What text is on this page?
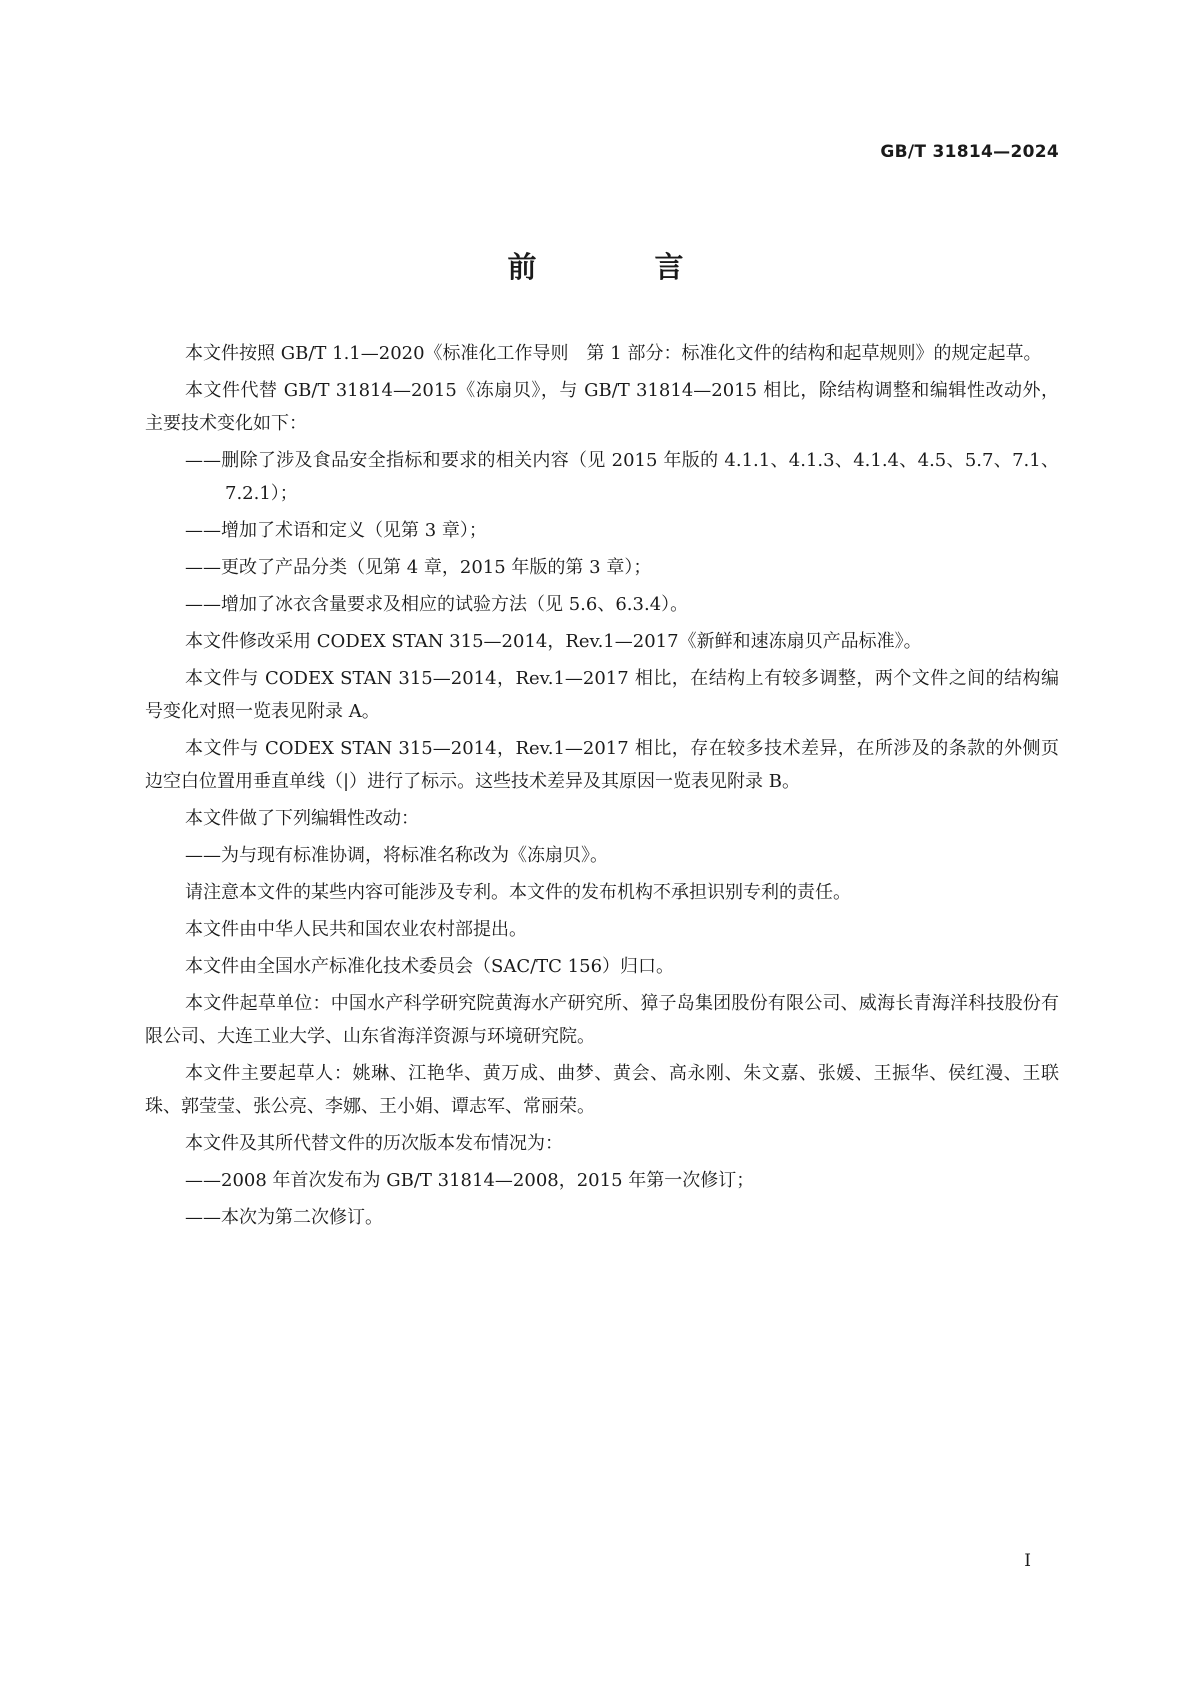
GB/T 31814—2024
前 言

本文件按照 GB/T 1.1—2020《标准化工作导则　第 1 部分：标准化文件的结构和起草规则》的规定起草。

本文件代替 GB/T 31814—2015《冻扇贝》，与 GB/T 31814—2015 相比，除结构调整和编辑性改动外，主要技术变化如下：

——删除了涉及食品安全指标和要求的相关内容（见 2015 年版的 4.1.1、4.1.3、4.1.4、4.5、5.7、7.1、7.2.1）；

——增加了术语和定义（见第 3 章）；

——更改了产品分类（见第 4 章，2015 年版的第 3 章）；

——增加了冰衣含量要求及相应的试验方法（见 5.6、6.3.4）。

本文件修改采用 CODEX STAN 315—2014，Rev.1—2017《新鲜和速冻扇贝产品标准》。

本文件与 CODEX STAN 315—2014，Rev.1—2017 相比，在结构上有较多调整，两个文件之间的结构编号变化对照一览表见附录 A。

本文件与 CODEX STAN 315—2014，Rev.1—2017 相比，存在较多技术差异，在所涉及的条款的外侧页边空白位置用垂直单线（|）进行了标示。这些技术差异及其原因一览表见附录 B。

本文件做了下列编辑性改动：

——为与现有标准协调，将标准名称改为《冻扇贝》。

请注意本文件的某些内容可能涉及专利。本文件的发布机构不承担识别专利的责任。

本文件由中华人民共和国农业农村部提出。

本文件由全国水产标准化技术委员会（SAC/TC 156）归口。

本文件起草单位：中国水产科学研究院黄海水产研究所、獐子岛集团股份有限公司、威海长青海洋科技股份有限公司、大连工业大学、山东省海洋资源与环境研究院。

本文件主要起草人：姚琳、江艳华、黄万成、曲梦、黄会、高永刚、朱文嘉、张媛、王振华、侯红漫、王联珠、郭莹莹、张公亮、李娜、王小娟、谭志军、常丽荣。

本文件及其所代替文件的历次版本发布情况为：

——2008 年首次发布为 GB/T 31814—2008，2015 年第一次修订；

——本次为第二次修订。

I
